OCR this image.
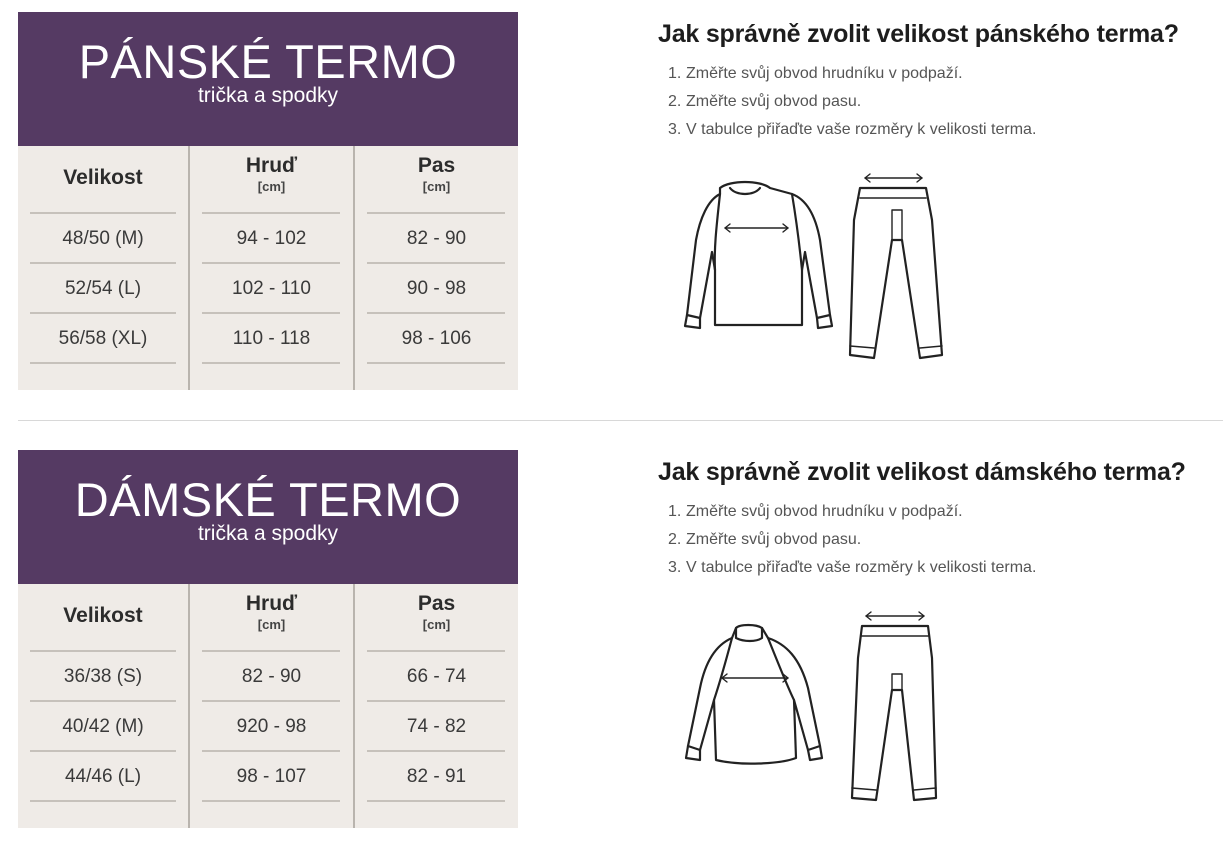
PÁNSKÉ TERMO
trička a spodky
Velikost
Hruď
[cm]
Pas
[cm]
48/50 (M)	94 - 102	82 - 90
52/54 (L)	102 - 110	90 - 98
56/58 (XL)	110 - 118	98 - 106
Jak správně zvolit velikost pánského terma?
1. Změřte svůj obvod hrudníku v podpaží.
2. Změřte svůj obvod pasu.
3. V tabulce přiřaďte vaše rozměry k velikosti terma.
DÁMSKÉ TERMO
trička a spodky
Velikost
Hruď
[cm]
Pas
[cm]
36/38 (S)	82 - 90	66 - 74
40/42 (M)	920 - 98	74 - 82
44/46 (L)	98 - 107	82 - 91
Jak správně zvolit velikost dámského terma?
1. Změřte svůj obvod hrudníku v podpaží.
2. Změřte svůj obvod pasu.
3. V tabulce přiřaďte vaše rozměry k velikosti terma.
